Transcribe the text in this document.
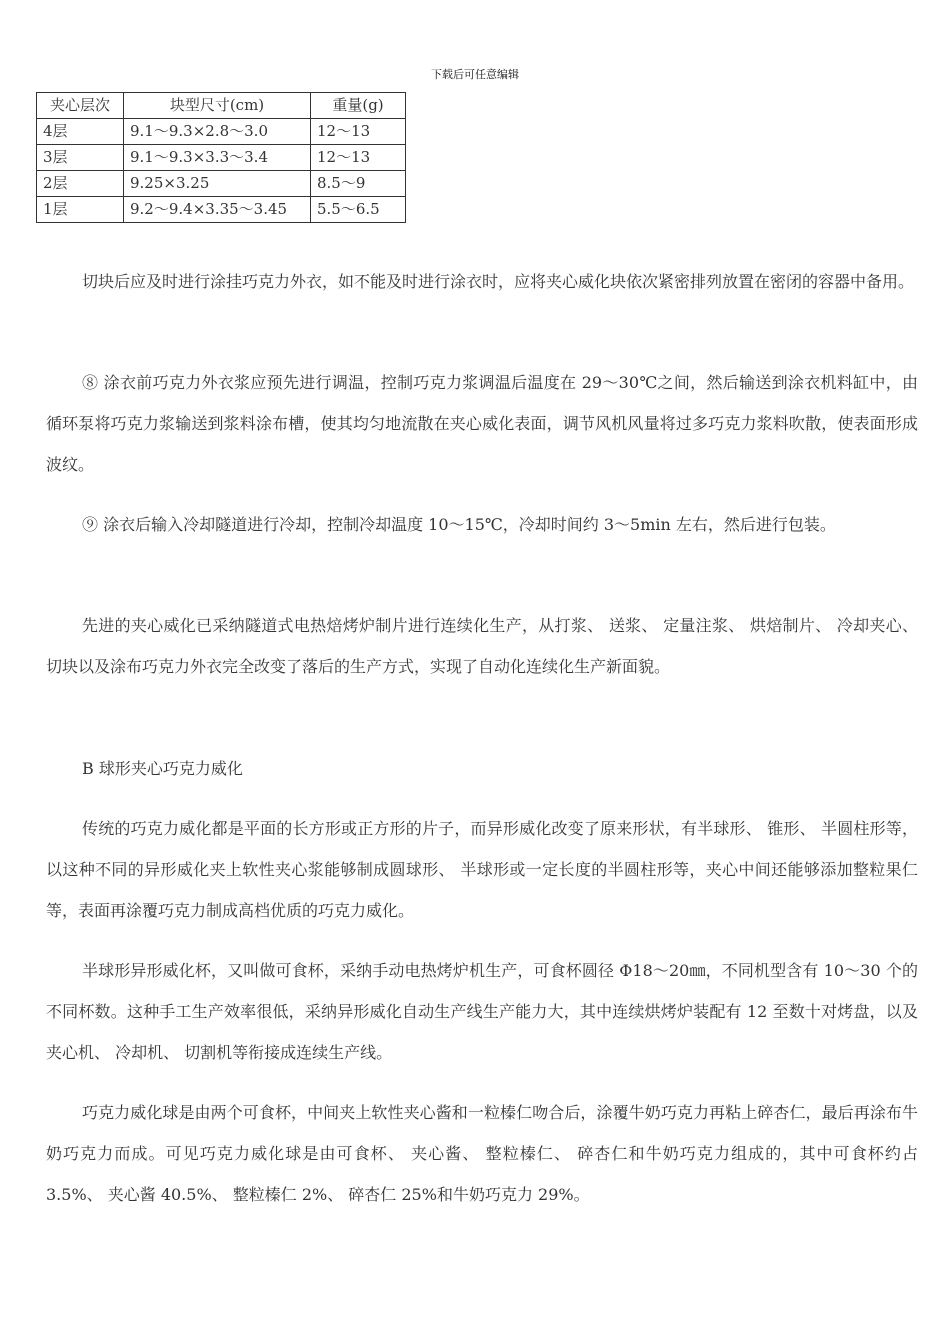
下载后可任意编辑
夹心层次	块型尺寸(cm)	重量(g)
4层	9.1～9.3×2.8～3.0	12～13
3层	9.1～9.3×3.3～3.4	12～13
2层	9.25×3.25	8.5～9
1层	9.2～9.4×3.35～3.45	5.5～6.5

切块后应及时进行涂挂巧克力外衣，如不能及时进行涂衣时，应将夹心威化块依次紧密排列放置在密闭的容器中备用。

⑧ 涂衣前巧克力外衣浆应预先进行调温，控制巧克力浆调温后温度在 29～30℃之间，然后输送到涂衣机料缸中，由循环泵将巧克力浆输送到浆料涂布槽，使其均匀地流散在夹心威化表面，调节风机风量将过多巧克力浆料吹散，使表面形成波纹。

⑨ 涂衣后输入冷却隧道进行冷却，控制冷却温度 10～15℃，冷却时间约 3～5min 左右，然后进行包装。

先进的夹心威化已采纳隧道式电热焙烤炉制片进行连续化生产，从打浆、 送浆、 定量注浆、 烘焙制片、 冷却夹心、 切块以及涂布巧克力外衣完全改变了落后的生产方式，实现了自动化连续化生产新面貌。

B 球形夹心巧克力威化

传统的巧克力威化都是平面的长方形或正方形的片子，而异形威化改变了原来形状，有半球形、 锥形、 半圆柱形等，以这种不同的异形威化夹上软性夹心浆能够制成圆球形、 半球形或一定长度的半圆柱形等，夹心中间还能够添加整粒果仁等，表面再涂覆巧克力制成高档优质的巧克力威化。

半球形异形威化杯，又叫做可食杯，采纳手动电热烤炉机生产，可食杯圆径 Φ18～20㎜，不同机型含有 10～30 个的不同杯数。这种手工生产效率很低，采纳异形威化自动生产线生产能力大，其中连续烘烤炉装配有 12 至数十对烤盘，以及夹心机、 冷却机、 切割机等衔接成连续生产线。

巧克力威化球是由两个可食杯，中间夹上软性夹心酱和一粒榛仁吻合后，涂覆牛奶巧克力再粘上碎杏仁，最后再涂布牛奶巧克力而成。可见巧克力威化球是由可食杯、 夹心酱、 整粒榛仁、 碎杏仁和牛奶巧克力组成的，其中可食杯约占 3.5%、 夹心酱 40.5%、 整粒榛仁 2%、 碎杏仁 25%和牛奶巧克力 29%。
